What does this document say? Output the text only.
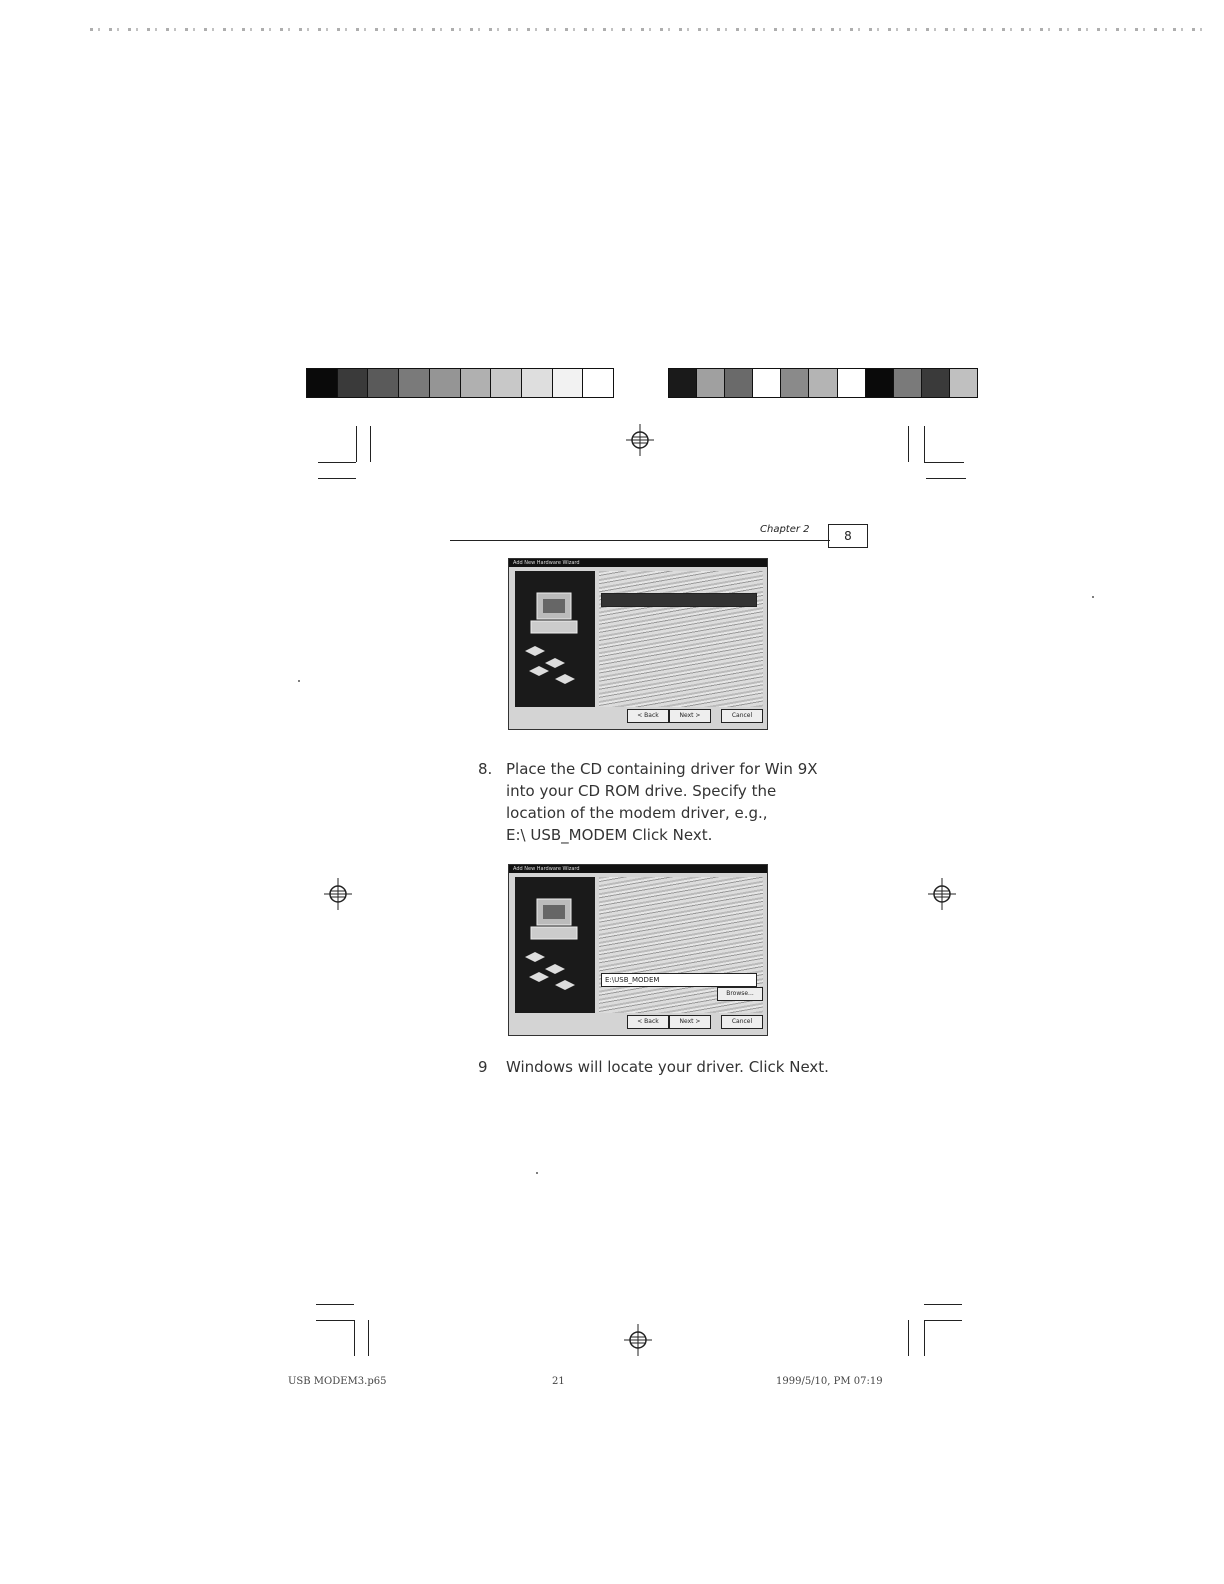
Chapter 2	8
Add New Hardware Wizard
< Back	Next >	Cancel
8. Place the CD containing driver for Win 9X
into your CD ROM drive. Specify the
location of the modem driver, e.g.,
E:\ USB_MODEM Click Next.
Add New Hardware Wizard
E:\USB_MODEM
Browse...
< Back	Next >	Cancel
9 Windows will locate your driver. Click Next.
USB MODEM3.p65	21	1999/5/10, PM 07:19
